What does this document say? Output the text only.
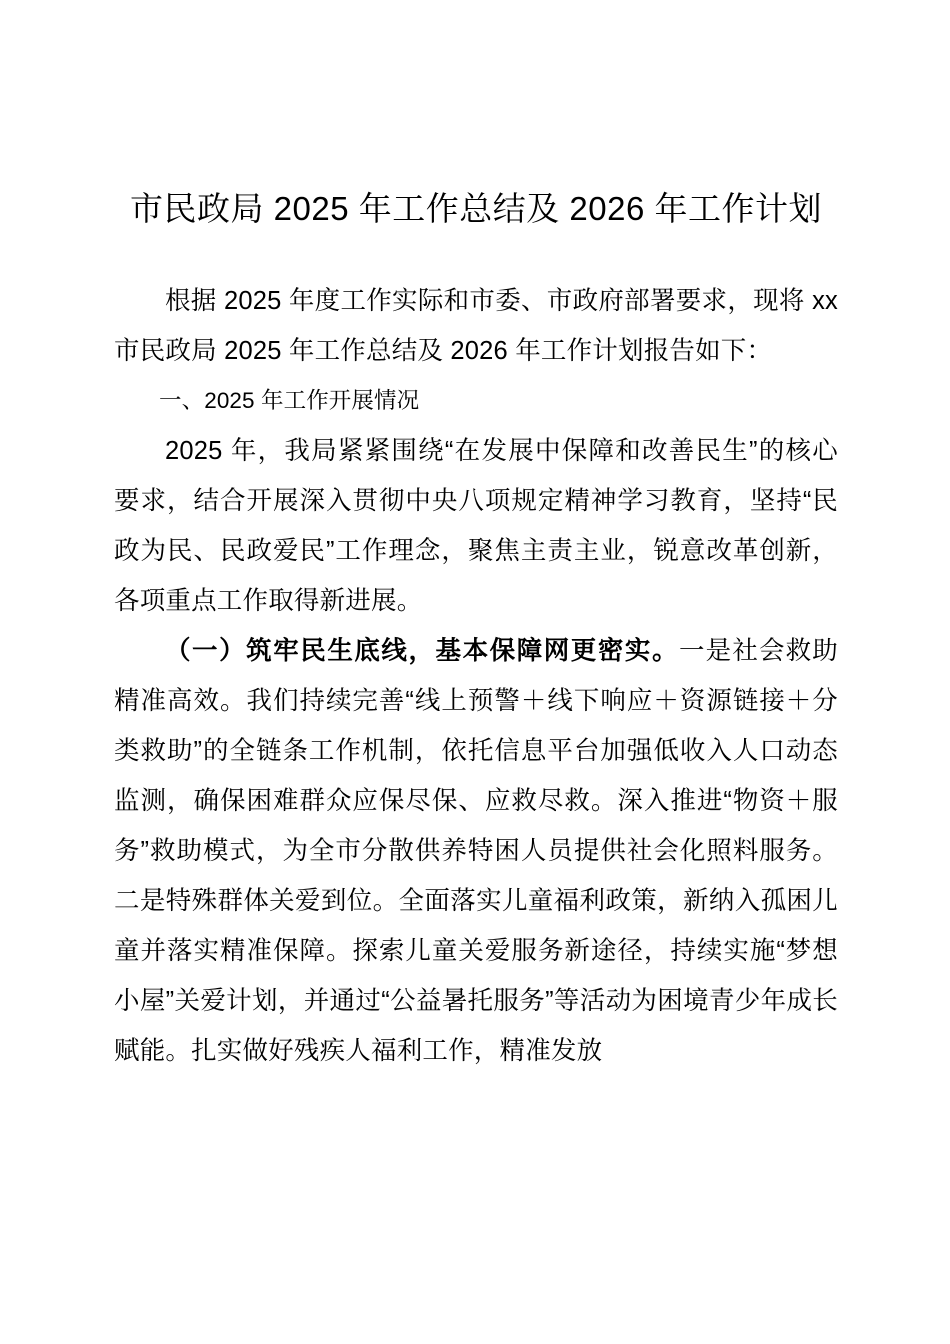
市民政局 2025 年工作总结及 2026 年工作计划

根据 2025 年度工作实际和市委、市政府部署要求，现将 xx 市民政局 2025 年工作总结及 2026 年工作计划报告如下：

一、2025 年工作开展情况

2025 年，我局紧紧围绕“在发展中保障和改善民生”的核心要求，结合开展深入贯彻中央八项规定精神学习教育，坚持“民政为民、民政爱民”工作理念，聚焦主责主业，锐意改革创新，各项重点工作取得新进展。

（一）筑牢民生底线，基本保障网更密实。一是社会救助精准高效。我们持续完善“线上预警＋线下响应＋资源链接＋分类救助”的全链条工作机制，依托信息平台加强低收入人口动态监测，确保困难群众应保尽保、应救尽救。深入推进“物资＋服务”救助模式，为全市分散供养特困人员提供社会化照料服务。二是特殊群体关爱到位。全面落实儿童福利政策，新纳入孤困儿童并落实精准保障。探索儿童关爱服务新途径，持续实施“梦想小屋”关爱计划，并通过“公益暑托服务”等活动为困境青少年成长赋能。扎实做好残疾人福利工作，精准发放
